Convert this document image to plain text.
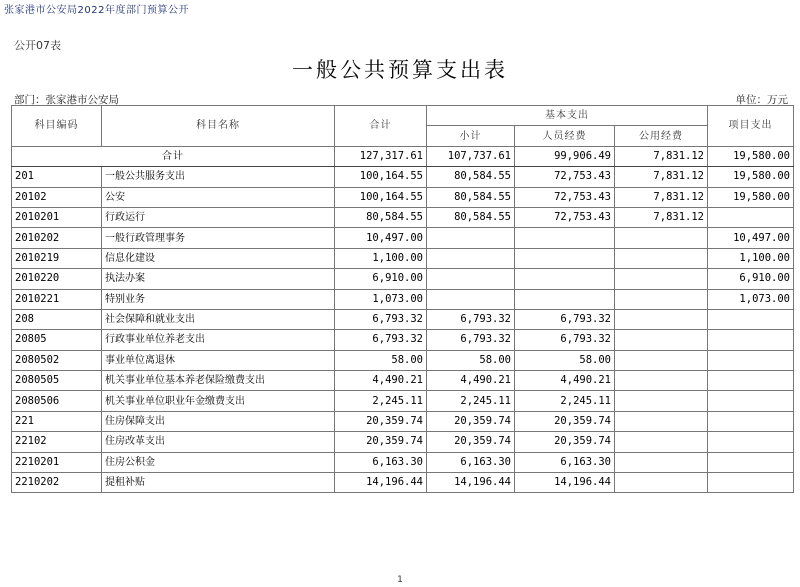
张家港市公安局2022年度部门预算公开
公开07表
一般公共预算支出表
部门：张家港市公安局	单位：万元
科目编码	科目名称	合计	基本支出			项目支出
			小计	人员经费	公用经费	
合计		127,317.61	107,737.61	99,906.49	7,831.12	19,580.00
201	一般公共服务支出	100,164.55	80,584.55	72,753.43	7,831.12	19,580.00
20102	公安	100,164.55	80,584.55	72,753.43	7,831.12	19,580.00
2010201	行政运行	80,584.55	80,584.55	72,753.43	7,831.12	
2010202	一般行政管理事务	10,497.00				10,497.00
2010219	信息化建设	1,100.00				1,100.00
2010220	执法办案	6,910.00				6,910.00
2010221	特别业务	1,073.00				1,073.00
208	社会保障和就业支出	6,793.32	6,793.32	6,793.32		
20805	行政事业单位养老支出	6,793.32	6,793.32	6,793.32		
2080502	事业单位离退休	58.00	58.00	58.00		
2080505	机关事业单位基本养老保险缴费支出	4,490.21	4,490.21	4,490.21		
2080506	机关事业单位职业年金缴费支出	2,245.11	2,245.11	2,245.11		
221	住房保障支出	20,359.74	20,359.74	20,359.74		
22102	住房改革支出	20,359.74	20,359.74	20,359.74		
2210201	住房公积金	6,163.30	6,163.30	6,163.30		
2210202	提租补贴	14,196.44	14,196.44	14,196.44		
1
